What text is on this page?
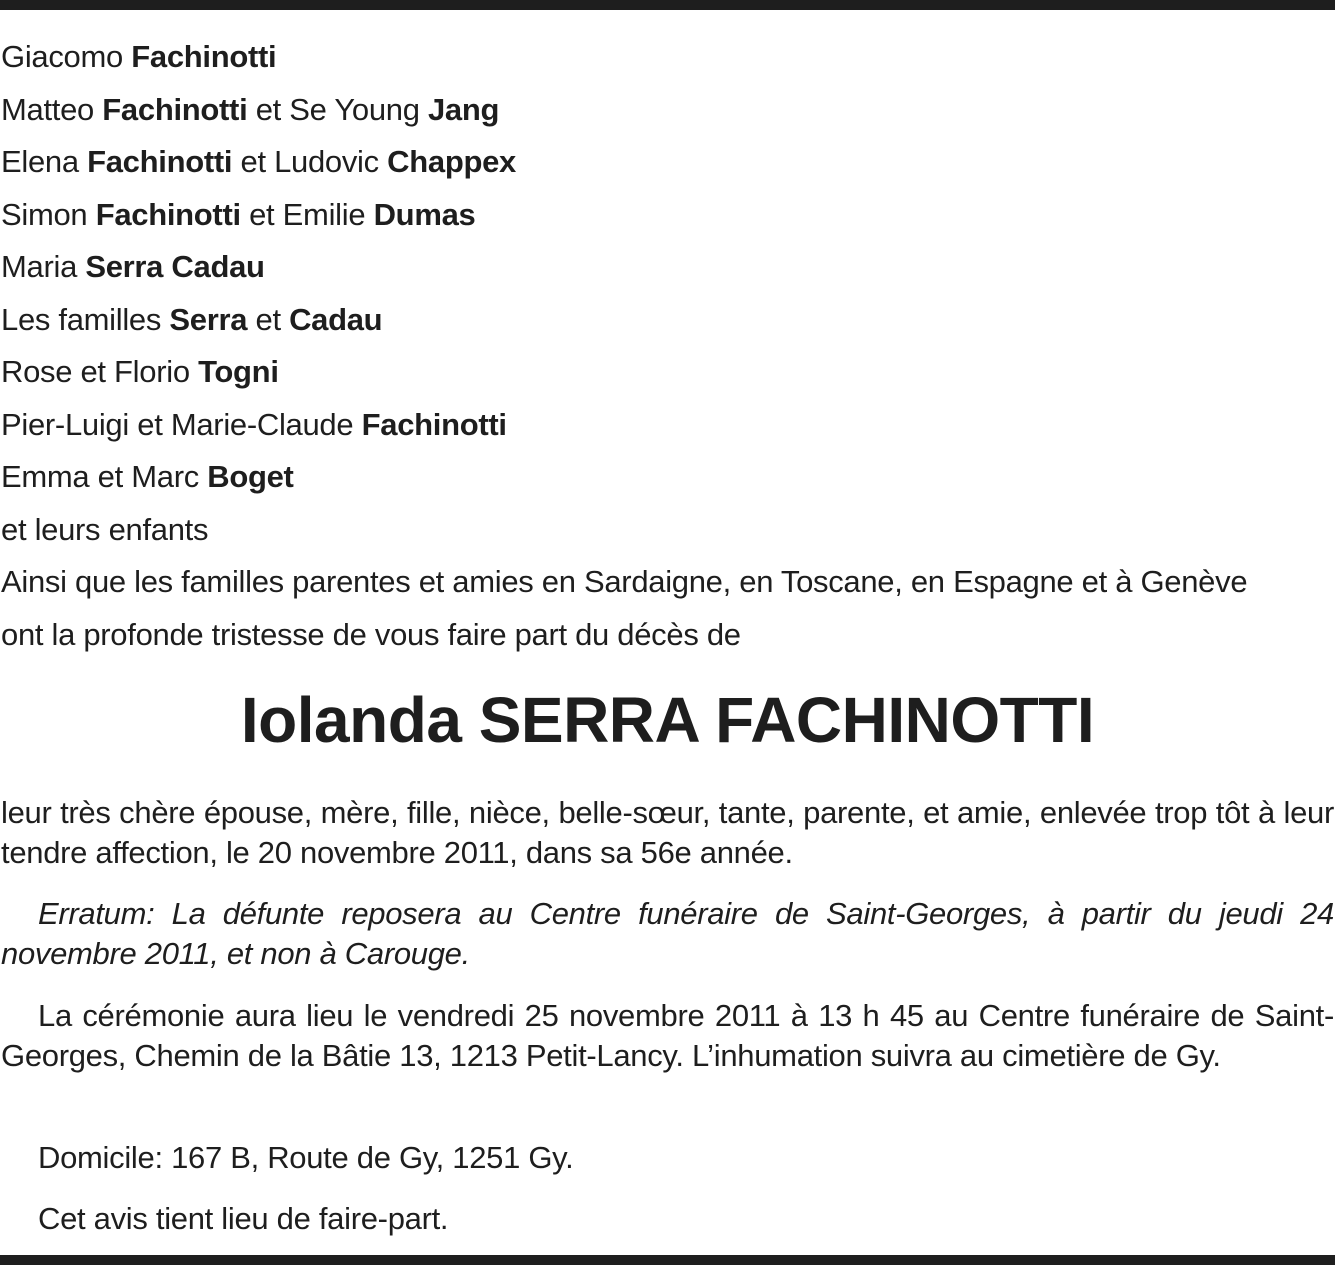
Giacomo Fachinotti
Matteo Fachinotti et Se Young Jang
Elena Fachinotti et Ludovic Chappex
Simon Fachinotti et Emilie Dumas
Maria Serra Cadau
Les familles Serra et Cadau
Rose et Florio Togni
Pier-Luigi et Marie-Claude Fachinotti
Emma et Marc Boget
et leurs enfants
Ainsi que les familles parentes et amies en Sardaigne, en Toscane, en Espagne et à Genève
ont la profonde tristesse de vous faire part du décès de
Iolanda SERRA FACHINOTTI
leur très chère épouse, mère, fille, nièce, belle-sœur, tante, parente, et amie, enlevée trop tôt à leur tendre affection, le 20 novembre 2011, dans sa 56e année.
Erratum: La défunte reposera au Centre funéraire de Saint-Georges, à partir du jeudi 24 novembre 2011, et non à Carouge.
La cérémonie aura lieu le vendredi 25 novembre 2011 à 13 h 45 au Centre funéraire de Saint-Georges, Chemin de la Bâtie 13, 1213 Petit-Lancy. L’inhumation suivra au cimetière de Gy.
Domicile: 167 B, Route de Gy, 1251 Gy.
Cet avis tient lieu de faire-part.
